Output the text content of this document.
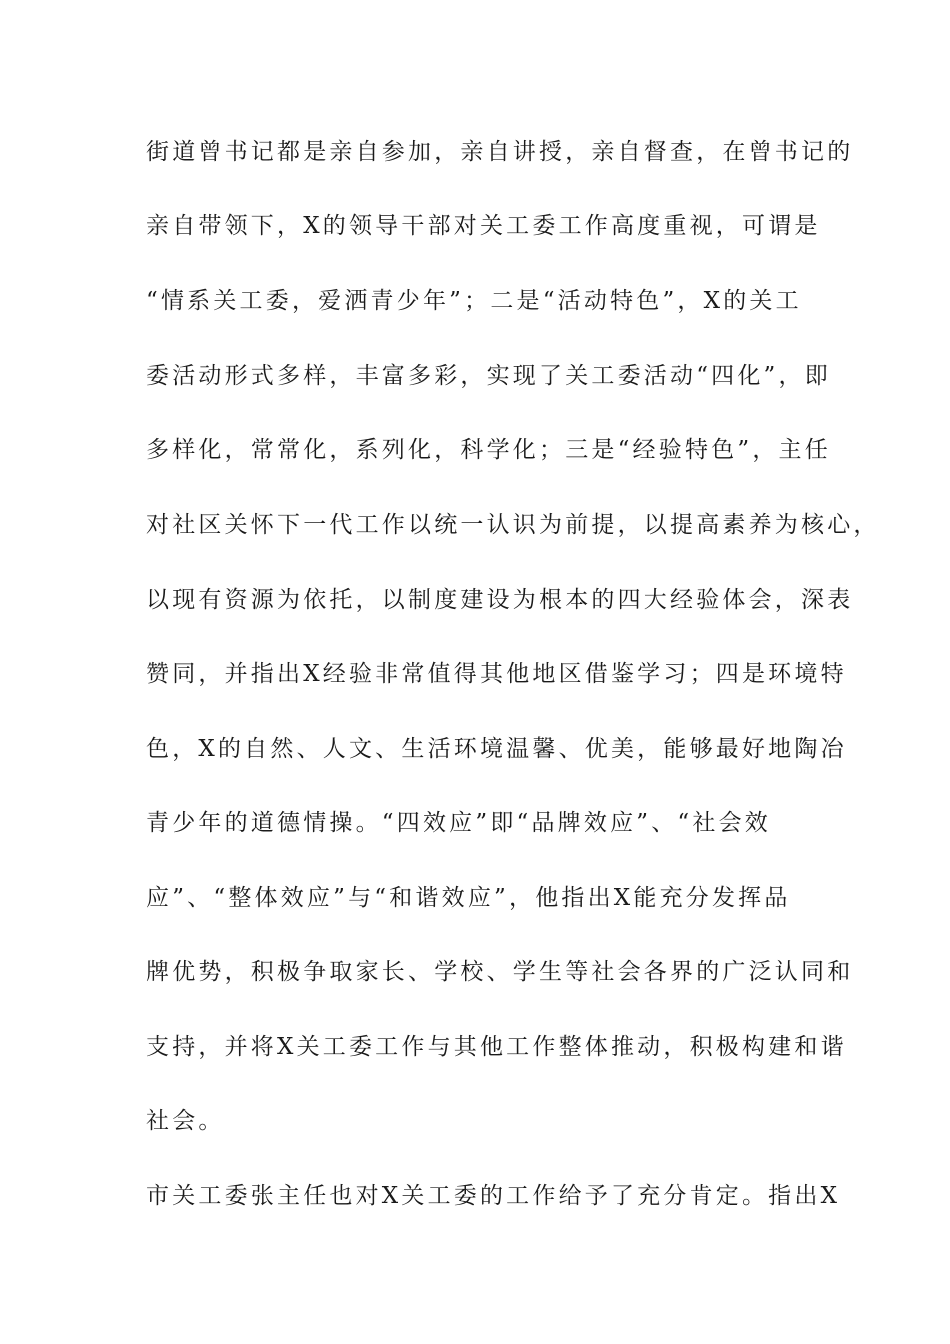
街道曾书记都是亲自参加，亲自讲授，亲自督查，在曾书记的
亲自带领下，X的领导干部对关工委工作高度重视，可谓是
“情系关工委，爱洒青少年”；二是“活动特色”，X的关工
委活动形式多样，丰富多彩，实现了关工委活动“四化”，即
多样化，常常化，系列化，科学化；三是“经验特色”，主任
对社区关怀下一代工作以统一认识为前提，以提高素养为核心，
以现有资源为依托，以制度建设为根本的四大经验体会，深表
赞同，并指出X经验非常值得其他地区借鉴学习；四是环境特
色，X的自然、人文、生活环境温馨、优美，能够最好地陶冶
青少年的道德情操。“四效应”即“品牌效应”、“社会效
应”、“整体效应”与“和谐效应”，他指出X能充分发挥品
牌优势，积极争取家长、学校、学生等社会各界的广泛认同和
支持，并将X关工委工作与其他工作整体推动，积极构建和谐
社会。
市关工委张主任也对X关工委的工作给予了充分肯定。指出X
